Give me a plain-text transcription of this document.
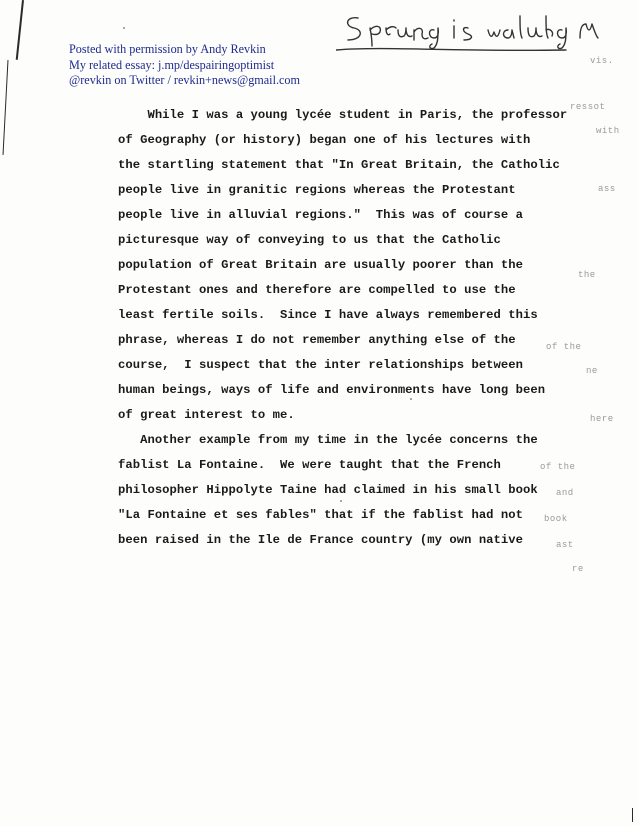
Posted with permission by Andy Revkin
My related essay: j.mp/despairingoptimist
@revkin on Twitter / revkin+news@gmail.com
vis.
ressot
with
ass
the
of the
ne
here
of the
and
book
ast
re
While I was a young lycée student in Paris, the professor
of Geography (or history) began one of his lectures with
the startling statement that "In Great Britain, the Catholic
people live in granitic regions whereas the Protestant
people live in alluvial regions."  This was of course a
picturesque way of conveying to us that the Catholic
population of Great Britain are usually poorer than the
Protestant ones and therefore are compelled to use the
least fertile soils.  Since I have always remembered this
phrase, whereas I do not remember anything else of the
course,  I suspect that the inter relationships between
human beings, ways of life and environments have long been
of great interest to me.
Another example from my time in the lycée concerns the
fablist La Fontaine.  We were taught that the French
philosopher Hippolyte Taine had claimed in his small book
"La Fontaine et ses fables" that if the fablist had not
been raised in the Ile de France country (my own native
